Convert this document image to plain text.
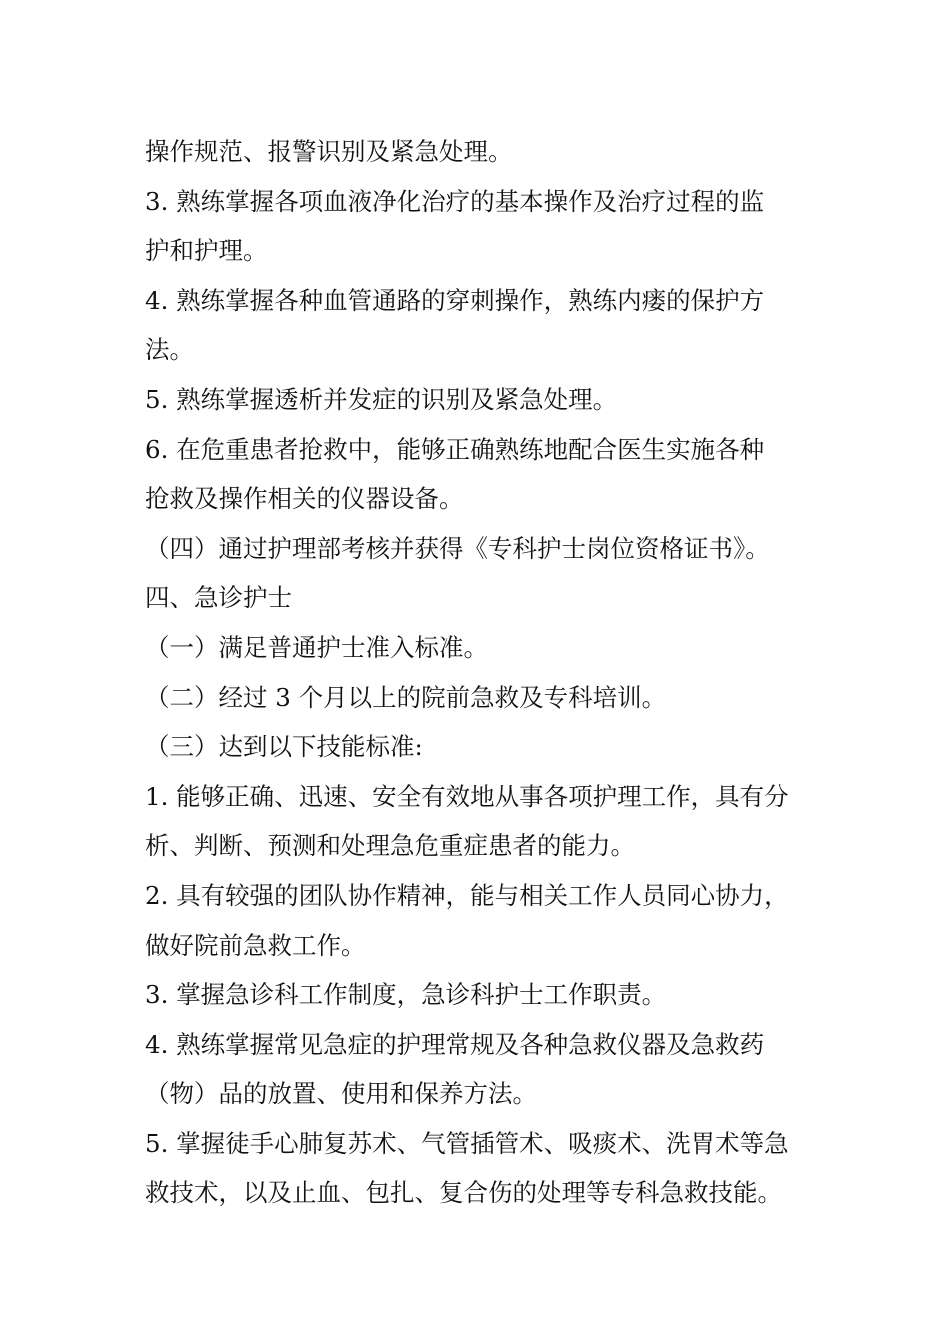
操作规范、报警识别及紧急处理。
3. 熟练掌握各项血液净化治疗的基本操作及治疗过程的监
护和护理。
4. 熟练掌握各种血管通路的穿刺操作，熟练内瘘的保护方
法。
5. 熟练掌握透析并发症的识别及紧急处理。
6. 在危重患者抢救中，能够正确熟练地配合医生实施各种
抢救及操作相关的仪器设备。
（四）通过护理部考核并获得《专科护士岗位资格证书》。
四、急诊护士
（一）满足普通护士准入标准。
（二）经过 3 个月以上的院前急救及专科培训。
（三）达到以下技能标准:
1. 能够正确、迅速、安全有效地从事各项护理工作，具有分
析、判断、预测和处理急危重症患者的能力。
2. 具有较强的团队协作精神，能与相关工作人员同心协力，
做好院前急救工作。
3. 掌握急诊科工作制度，急诊科护士工作职责。
4. 熟练掌握常见急症的护理常规及各种急救仪器及急救药
（物）品的放置、使用和保养方法。
5. 掌握徒手心肺复苏术、气管插管术、吸痰术、洗胃术等急
救技术，以及止血、包扎、复合伤的处理等专科急救技能。
